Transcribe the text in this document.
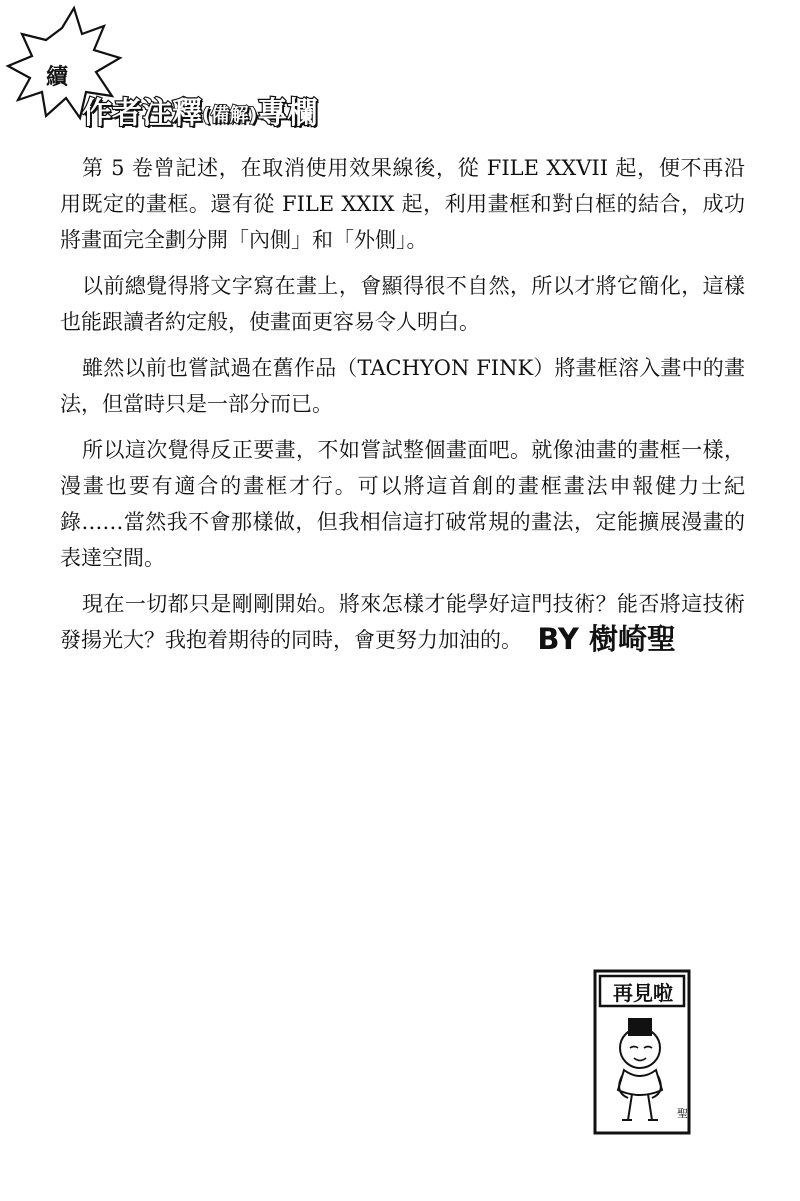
續
作者注釋(備解)專欄

第 5 卷曾記述，在取消使用效果線後，從 FILE XXVII 起，便不再沿用既定的畫框。還有從 FILE XXIX 起，利用畫框和對白框的結合，成功將畫面完全劃分開「內側」和「外側」。

以前總覺得將文字寫在畫上，會顯得很不自然，所以才將它簡化，這樣也能跟讀者約定般，使畫面更容易令人明白。

雖然以前也嘗試過在舊作品（TACHYON FINK）將畫框溶入畫中的畫法，但當時只是一部分而已。

所以這次覺得反正要畫，不如嘗試整個畫面吧。就像油畫的畫框一樣，漫畫也要有適合的畫框才行。可以將這首創的畫框畫法申報健力士紀錄……當然我不會那樣做，但我相信這打破常規的畫法，定能擴展漫畫的表達空間。

現在一切都只是剛剛開始。將來怎樣才能學好這門技術？能否將這技術發揚光大？我抱着期待的同時，會更努力加油的。 BY 樹崎聖
再見啦
聖
